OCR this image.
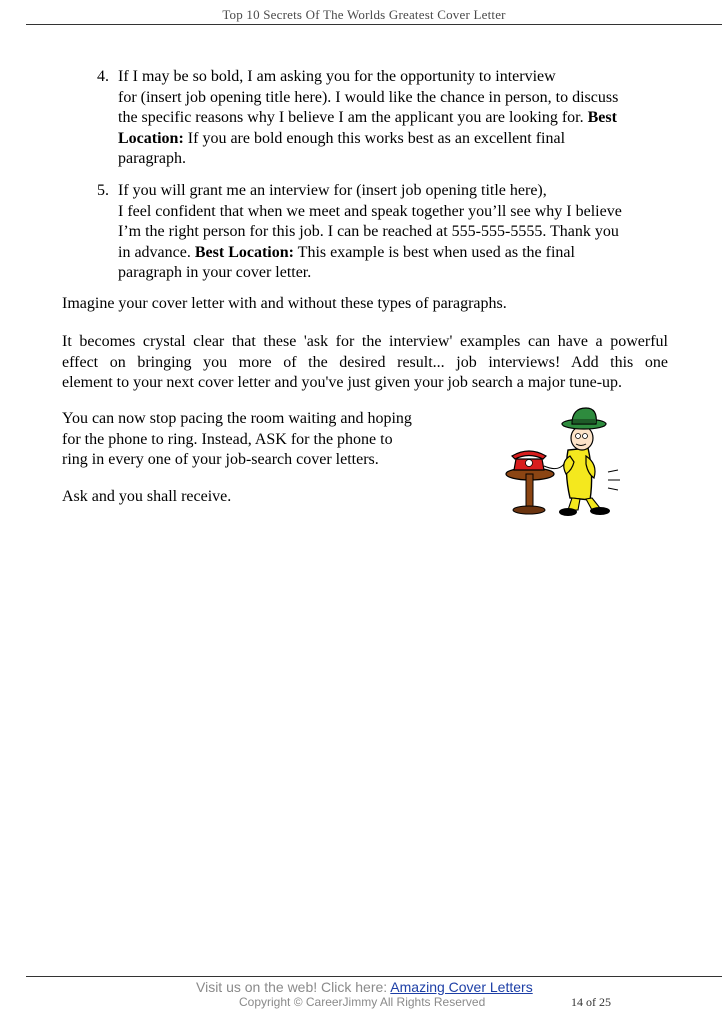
Top 10 Secrets Of The Worlds Greatest Cover Letter
4. If I may be so bold, I am asking you for the opportunity to interview
for (insert job opening title here). I would like the chance in person, to discuss
the specific reasons why I believe I am the applicant you are looking for. Best
Location: If you are bold enough this works best as an excellent final
paragraph.
5. If you will grant me an interview for (insert job opening title here),
I feel confident that when we meet and speak together you’ll see why I believe
I’m the right person for this job. I can be reached at 555-555-5555. Thank you
in advance. Best Location: This example is best when used as the final
paragraph in your cover letter.
Imagine your cover letter with and without these types of paragraphs.
It becomes crystal clear that these 'ask for the interview' examples can have a powerful
effect on bringing you more of the desired result... job interviews! Add this one
element to your next cover letter and you've just given your job search a major tune-up.
You can now stop pacing the room waiting and hoping
for the phone to ring. Instead, ASK for the phone to
ring in every one of your job-search cover letters.
Ask and you shall receive.
Visit us on the web! Click here: Amazing Cover Letters
Copyright © CareerJimmy All Rights Reserved	14 of 25
